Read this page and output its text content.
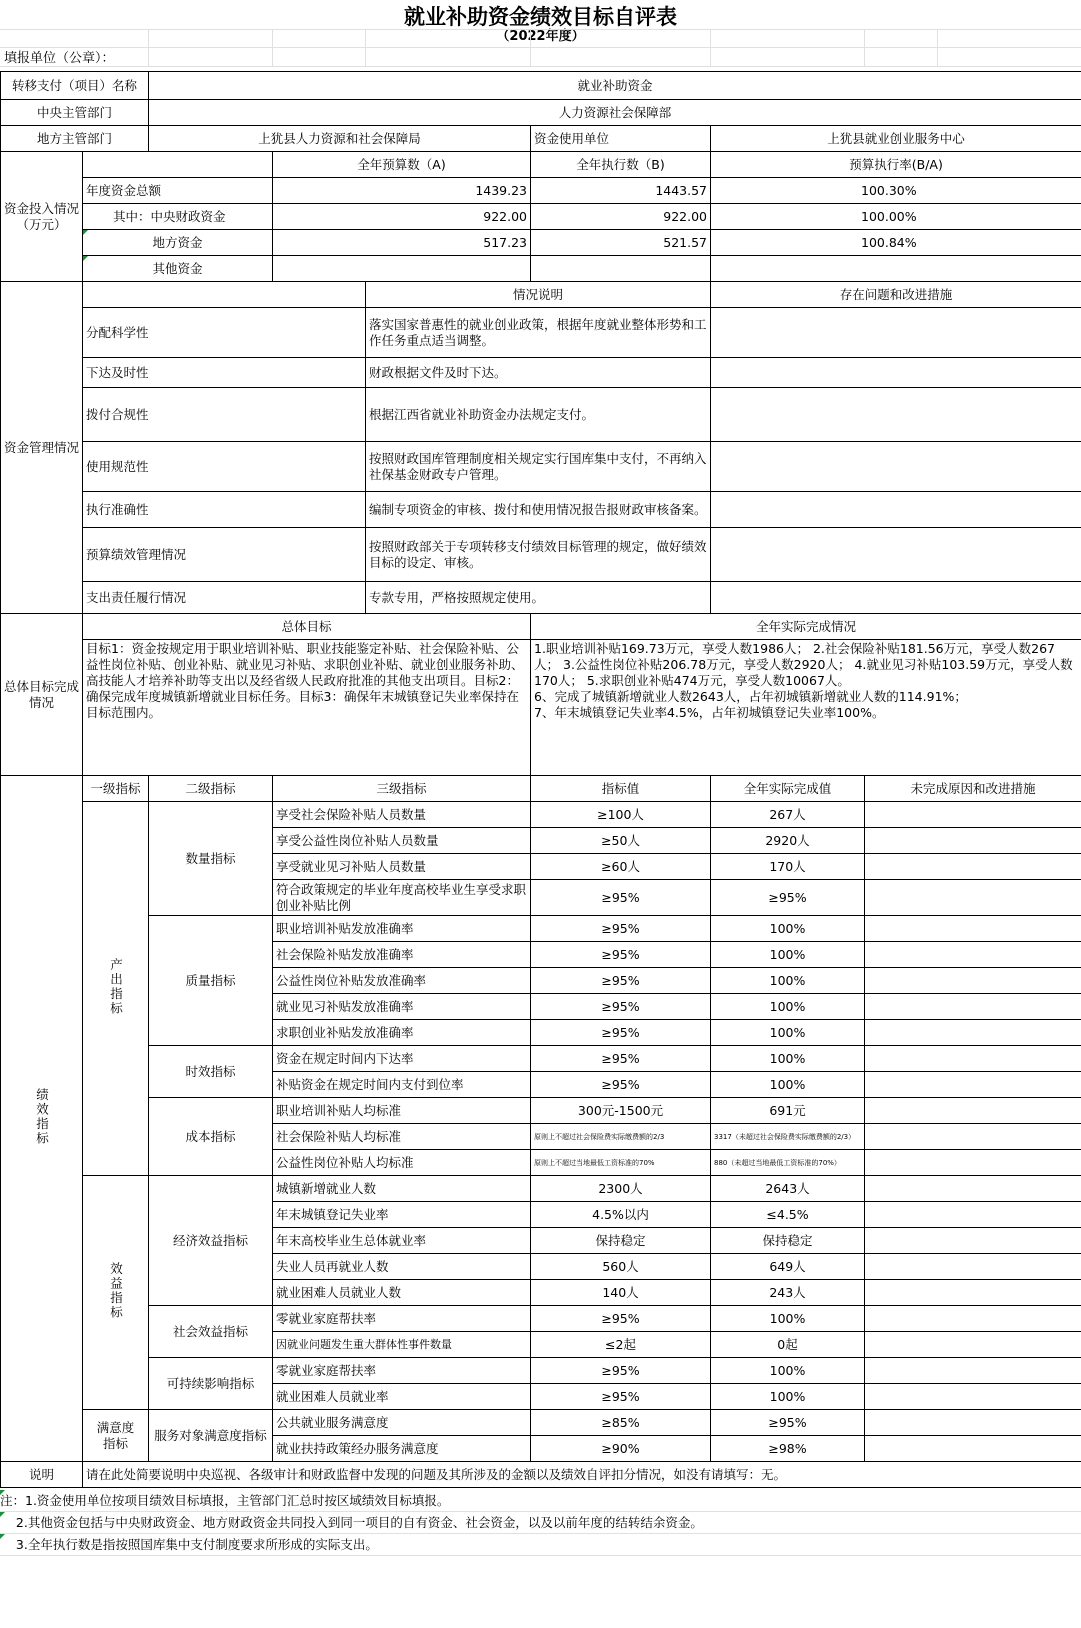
就业补助资金绩效目标自评表
（2022年度）
填报单位（公章）：
转移支付（项目）名称		就业补助资金					
中央主管部门		人力资源社会保障部					
地方主管部门		上犹县人力资源和社会保障局			资金使用单位	上犹县就业创业服务中心	
资金投入情况（万元）			全年预算数（A)		全年执行数（B)	预算执行率(B/A)	
	年度资金总额		1439.23		1443.57	100.30%	
	其中：中央财政资金		922.00		922.00	100.00%	
	地方资金		517.23		521.57	100.84%	
	其他资金						
资金管理情况				情况说明		存在问题和改进措施	
	分配科学性			落实国家普惠性的就业创业政策，根据年度就业整体形势和工作任务重点适当调整。			
	下达及时性			财政根据文件及时下达。			
	拨付合规性			根据江西省就业补助资金办法规定支付。			
	使用规范性			按照财政国库管理制度相关规定实行国库集中支付，不再纳入社保基金财政专户管理。			
	执行准确性			编制专项资金的审核、拨付和使用情况报告报财政审核备案。			
	预算绩效管理情况			按照财政部关于专项转移支付绩效目标管理的规定，做好绩效目标的设定、审核。			
	支出责任履行情况			专款专用，严格按照规定使用。			
总体目标完成情况	总体目标				全年实际完成情况		
	目标1：资金按规定用于职业培训补贴、职业技能鉴定补贴、社会保险补贴、公益性岗位补贴、创业补贴、就业见习补贴、求职创业补贴、就业创业服务补助、高技能人才培养补助等支出以及经省级人民政府批准的其他支出项目。目标2：确保完成年度城镇新增就业目标任务。目标3：确保年末城镇登记失业率保持在目标范围内。				1.职业培训补贴169.73万元，享受人数1986人； 2.社会保险补贴181.56万元，享受人数267人； 3.公益性岗位补贴206.78万元，享受人数2920人； 4.就业见习补贴103.59万元，享受人数170人； 5.求职创业补贴474万元，享受人数10067人。
6、完成了城镇新增就业人数2643人，占年初城镇新增就业人数的114.91%；
7、年末城镇登记失业率4.5%，占年初城镇登记失业率100%。		

绩效指标	一级指标	二级指标	三级指标		指标值	全年实际完成值	未完成原因和改进措施
	产出指标	数量指标	享受社会保险补贴人员数量		≥100人	267人	
			享受公益性岗位补贴人员数量		≥50人	2920人	
			享受就业见习补贴人员数量		≥60人	170人	
			符合政策规定的毕业年度高校毕业生享受求职创业补贴比例		≥95%	≥95%	
		质量指标	职业培训补贴发放准确率		≥95%	100%	
			社会保险补贴发放准确率		≥95%	100%	
			公益性岗位补贴发放准确率		≥95%	100%	
			就业见习补贴发放准确率		≥95%	100%	
			求职创业补贴发放准确率		≥95%	100%	
		时效指标	资金在规定时间内下达率		≥95%	100%	
			补贴资金在规定时间内支付到位率		≥95%	100%	
		成本指标	职业培训补贴人均标准		300元-1500元	691元	
			社会保险补贴人均标准		原则上不超过社会保险费实际缴费额的2/3	3317（未超过社会保险费实际缴费额的2/3）	
			公益性岗位补贴人均标准		原则上不超过当地最低工资标准的70%	880（未超过当地最低工资标准的70%）	
	效益指标	经济效益指标	城镇新增就业人数		2300人	2643人	
			年末城镇登记失业率		4.5%以内	≤4.5%	
			年末高校毕业生总体就业率		保持稳定	保持稳定	
			失业人员再就业人数		560人	649人	
			就业困难人员就业人数		140人	243人	
		社会效益指标	零就业家庭帮扶率		≥95%	100%	
			因就业问题发生重大群体性事件数量		≤2起	0起	
		可持续影响指标	零就业家庭帮扶率		≥95%	100%	
			就业困难人员就业率		≥95%	100%	
	满意度指标	服务对象满意度指标	公共就业服务满意度		≥85%	≥95%	
			就业扶持政策经办服务满意度		≥90%	≥98%	
说明	请在此处简要说明中央巡视、各级审计和财政监督中发现的问题及其所涉及的金额以及绩效自评扣分情况，如没有请填写：无。						
注：1.资金使用单位按项目绩效目标填报，主管部门汇总时按区域绩效目标填报。
2.其他资金包括与中央财政资金、地方财政资金共同投入到同一项目的自有资金、社会资金，以及以前年度的结转结余资金。
3.全年执行数是指按照国库集中支付制度要求所形成的实际支出。
